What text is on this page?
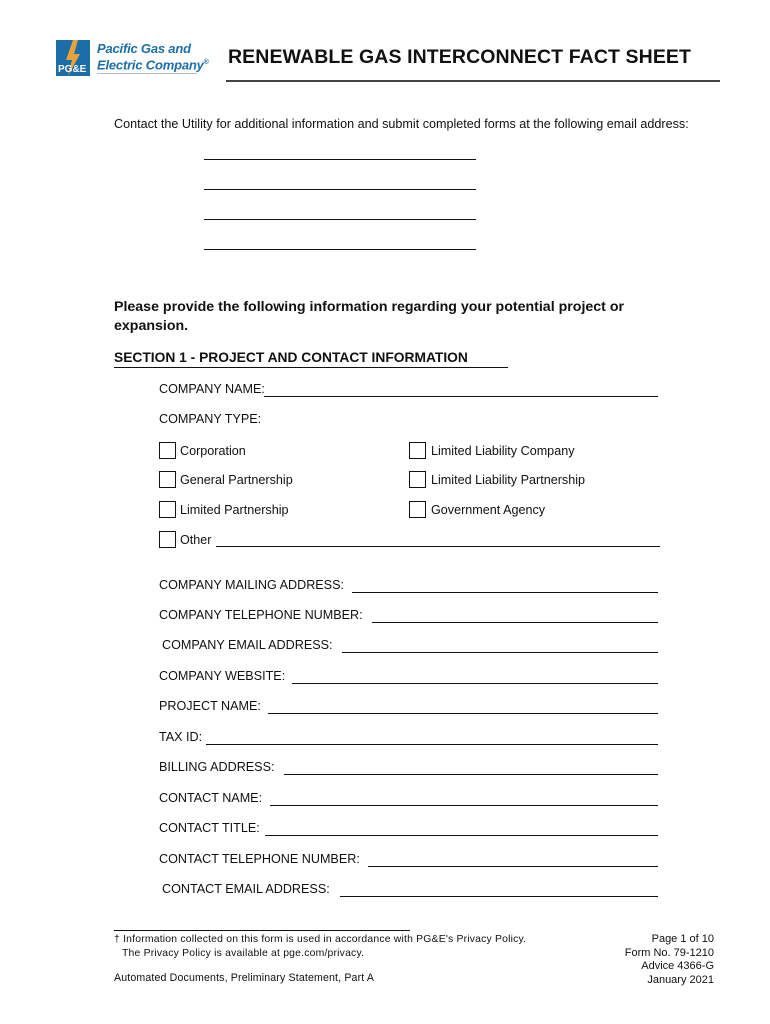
PG&E
Pacific Gas and
Electric Company® RENEWABLE GAS INTERCONNECT FACT SHEET
Contact the Utility for additional information and submit completed forms at the following email address:
Please provide the following information regarding your potential project or expansion.
SECTION 1 - PROJECT AND CONTACT INFORMATION
COMPANY NAME:
COMPANY TYPE:
Corporation	Limited Liability Company
General Partnership	Limited Liability Partnership
Limited Partnership	Government Agency
Other
COMPANY MAILING ADDRESS:
COMPANY TELEPHONE NUMBER:
COMPANY EMAIL ADDRESS:
COMPANY WEBSITE:
PROJECT NAME:
TAX ID:
BILLING ADDRESS:
CONTACT NAME:
CONTACT TITLE:
CONTACT TELEPHONE NUMBER:
CONTACT EMAIL ADDRESS:
† Information collected on this form is used in accordance with PG&E's Privacy Policy.
The Privacy Policy is available at pge.com/privacy.
Automated Documents, Preliminary Statement, Part A
Page 1 of 10
Form No. 79-1210
Advice 4366-G
January 2021
